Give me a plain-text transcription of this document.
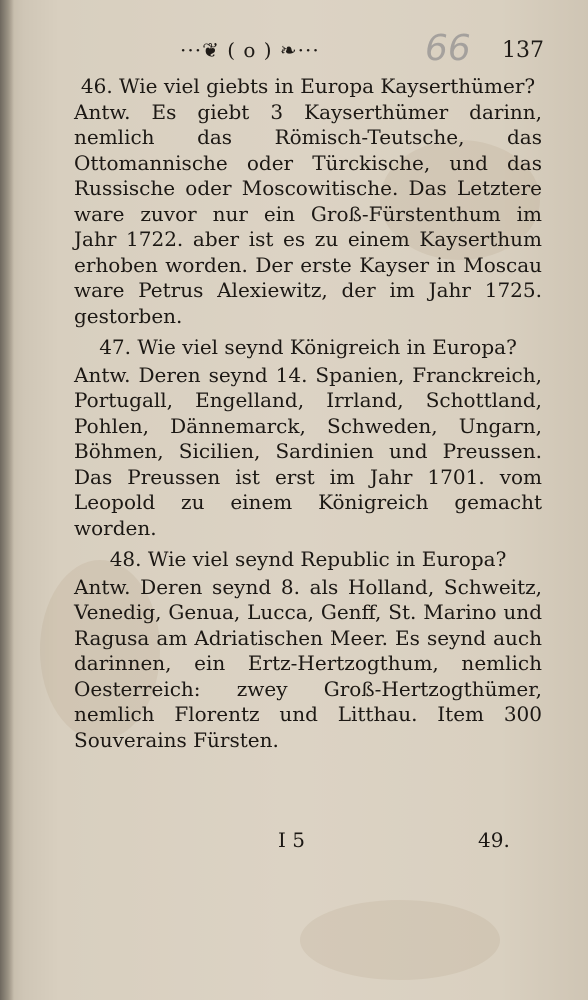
···❦ ( o ) ❧···	66 137

46. Wie viel giebts in Europa Kayserthümer?

Antw. Es giebt 3 Kayserthümer darinn, nemlich das Römisch-Teutsche, das Ottomannische oder Türckische, und das Russische oder Moscowitische. Das Letztere ware zuvor nur ein Groß-Fürstenthum im Jahr 1722. aber ist es zu einem Kayserthum erhoben worden. Der erste Kayser in Moscau ware Petrus Alexiewitz, der im Jahr 1725. gestorben.

47. Wie viel seynd Königreich in Europa?

Antw. Deren seynd 14. Spanien, Franckreich, Portugall, Engelland, Irrland, Schottland, Pohlen, Dännemarck, Schweden, Ungarn, Böhmen, Sicilien, Sardinien und Preussen. Das Preussen ist erst im Jahr 1701. vom Leopold zu einem Königreich gemacht worden.

48. Wie viel seynd Republic in Europa?

Antw. Deren seynd 8. als Holland, Schweitz, Venedig, Genua, Lucca, Genff, St. Marino und Ragusa am Adriatischen Meer. Es seynd auch darinnen, ein Ertz-Hertzogthum, nemlich Oesterreich: zwey Groß-Hertzogthümer, nemlich Florentz und Litthau. Item 300 Souverains Fürsten.

I 5	49.
